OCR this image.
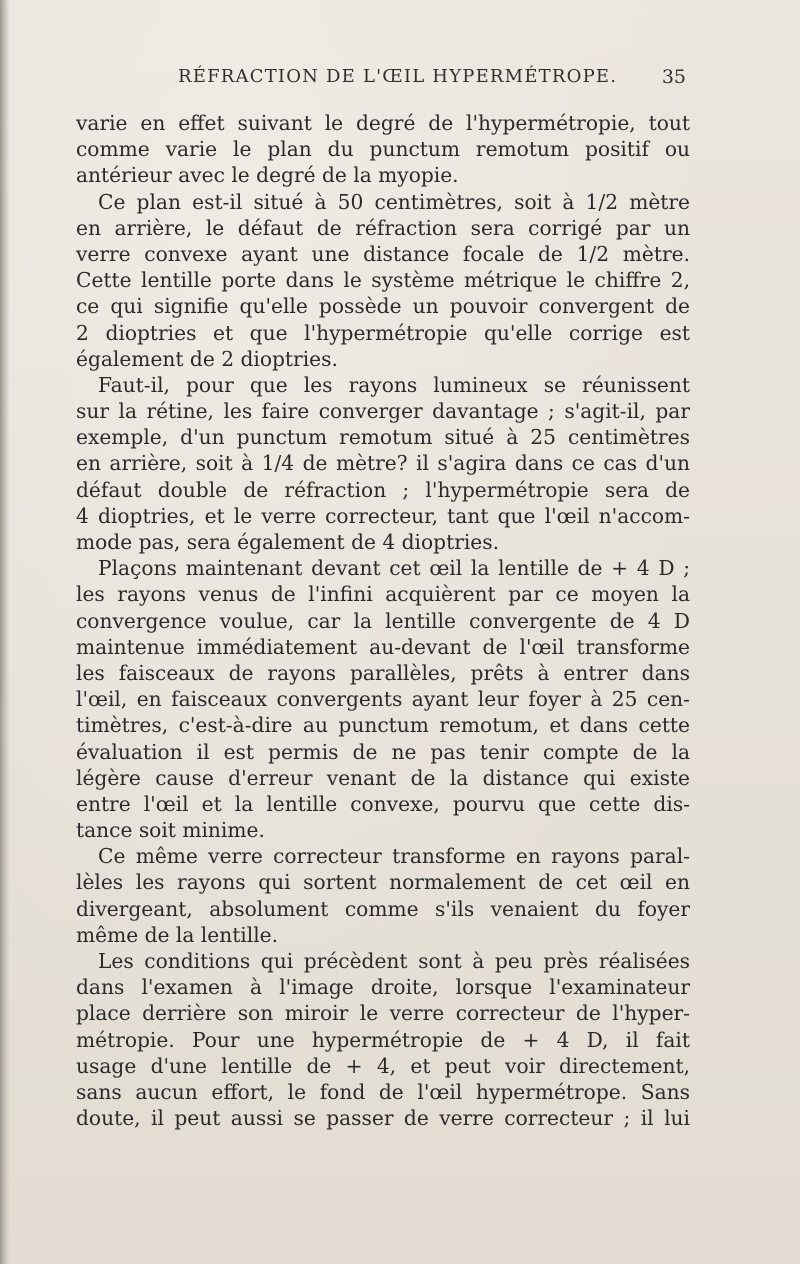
RÉFRACTION DE L'ŒIL HYPERMÉTROPE. 35
varie en effet suivant le degré de l'hypermétropie, tout
comme varie le plan du punctum remotum positif ou
antérieur avec le degré de la myopie.
Ce plan est-il situé à 50 centimètres, soit à 1/2 mètre
en arrière, le défaut de réfraction sera corrigé par un
verre convexe ayant une distance focale de 1/2 mètre.
Cette lentille porte dans le système métrique le chiffre 2,
ce qui signifie qu'elle possède un pouvoir convergent de
2 dioptries et que l'hypermétropie qu'elle corrige est
également de 2 dioptries.
Faut-il, pour que les rayons lumineux se réunissent
sur la rétine, les faire converger davantage ; s'agit-il, par
exemple, d'un punctum remotum situé à 25 centimètres
en arrière, soit à 1/4 de mètre? il s'agira dans ce cas d'un
défaut double de réfraction ; l'hypermétropie sera de
4 dioptries, et le verre correcteur, tant que l'œil n'accom-
mode pas, sera également de 4 dioptries.
Plaçons maintenant devant cet œil la lentille de + 4 D ;
les rayons venus de l'infini acquièrent par ce moyen la
convergence voulue, car la lentille convergente de 4 D
maintenue immédiatement au-devant de l'œil transforme
les faisceaux de rayons parallèles, prêts à entrer dans
l'œil, en faisceaux convergents ayant leur foyer à 25 cen-
timètres, c'est-à-dire au punctum remotum, et dans cette
évaluation il est permis de ne pas tenir compte de la
légère cause d'erreur venant de la distance qui existe
entre l'œil et la lentille convexe, pourvu que cette dis-
tance soit minime.
Ce même verre correcteur transforme en rayons paral-
lèles les rayons qui sortent normalement de cet œil en
divergeant, absolument comme s'ils venaient du foyer
même de la lentille.
Les conditions qui précèdent sont à peu près réalisées
dans l'examen à l'image droite, lorsque l'examinateur
place derrière son miroir le verre correcteur de l'hyper-
métropie. Pour une hypermétropie de + 4 D, il fait
usage d'une lentille de + 4, et peut voir directement,
sans aucun effort, le fond de l'œil hypermétrope. Sans
doute, il peut aussi se passer de verre correcteur ; il lui
